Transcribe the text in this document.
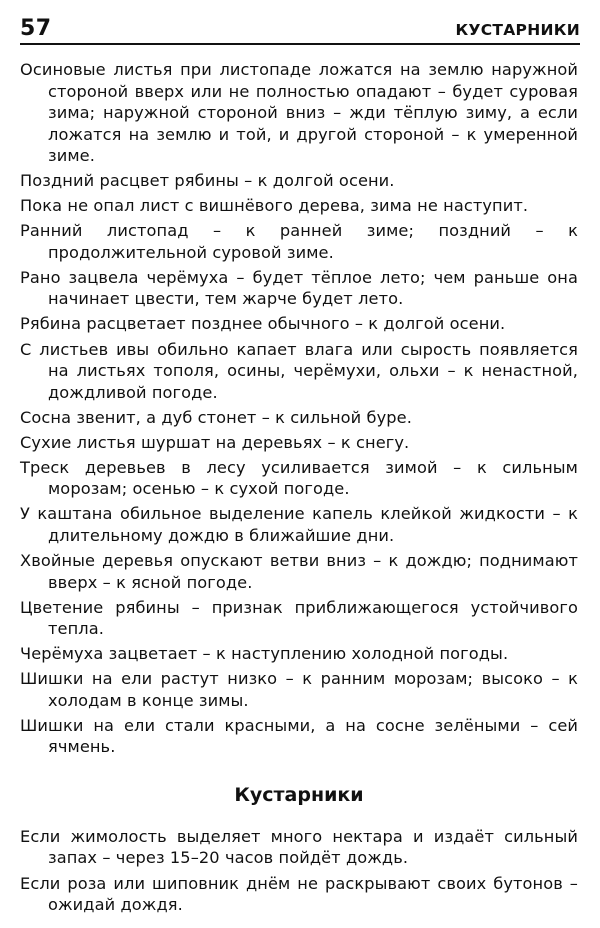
57	КУСТАРНИКИ

Осиновые листья при листопаде ложатся на землю наружной стороной вверх или не полностью опадают – будет суровая зима; наружной стороной вниз – жди тёплую зиму, а если ложатся на землю и той, и другой стороной – к умеренной зиме.

Поздний расцвет рябины – к долгой осени.

Пока не опал лист с вишнёвого дерева, зима не наступит.

Ранний листопад – к ранней зиме; поздний – к продолжительной суровой зиме.

Рано зацвела черёмуха – будет тёплое лето; чем раньше она начинает цвести, тем жарче будет лето.

Рябина расцветает позднее обычного – к долгой осени.

С листьев ивы обильно капает влага или сырость появляется на листьях тополя, осины, черёмухи, ольхи – к ненастной, дождливой погоде.

Сосна звенит, а дуб стонет – к сильной буре.

Сухие листья шуршат на деревьях – к снегу.

Треск деревьев в лесу усиливается зимой – к сильным морозам; осенью – к сухой погоде.

У каштана обильное выделение капель клейкой жидкости – к длительному дождю в ближайшие дни.

Хвойные деревья опускают ветви вниз – к дождю; поднимают вверх – к ясной погоде.

Цветение рябины – признак приближающегося устойчивого тепла.

Черёмуха зацветает – к наступлению холодной погоды.

Шишки на ели растут низко – к ранним морозам; высоко – к холодам в конце зимы.

Шишки на ели стали красными, а на сосне зелёными – сей ячмень.

Кустарники

Если жимолость выделяет много нектара и издаёт сильный запах – через 15–20 часов пойдёт дождь.

Если роза или шиповник днём не раскрывают своих бутонов – ожидай дождя.
